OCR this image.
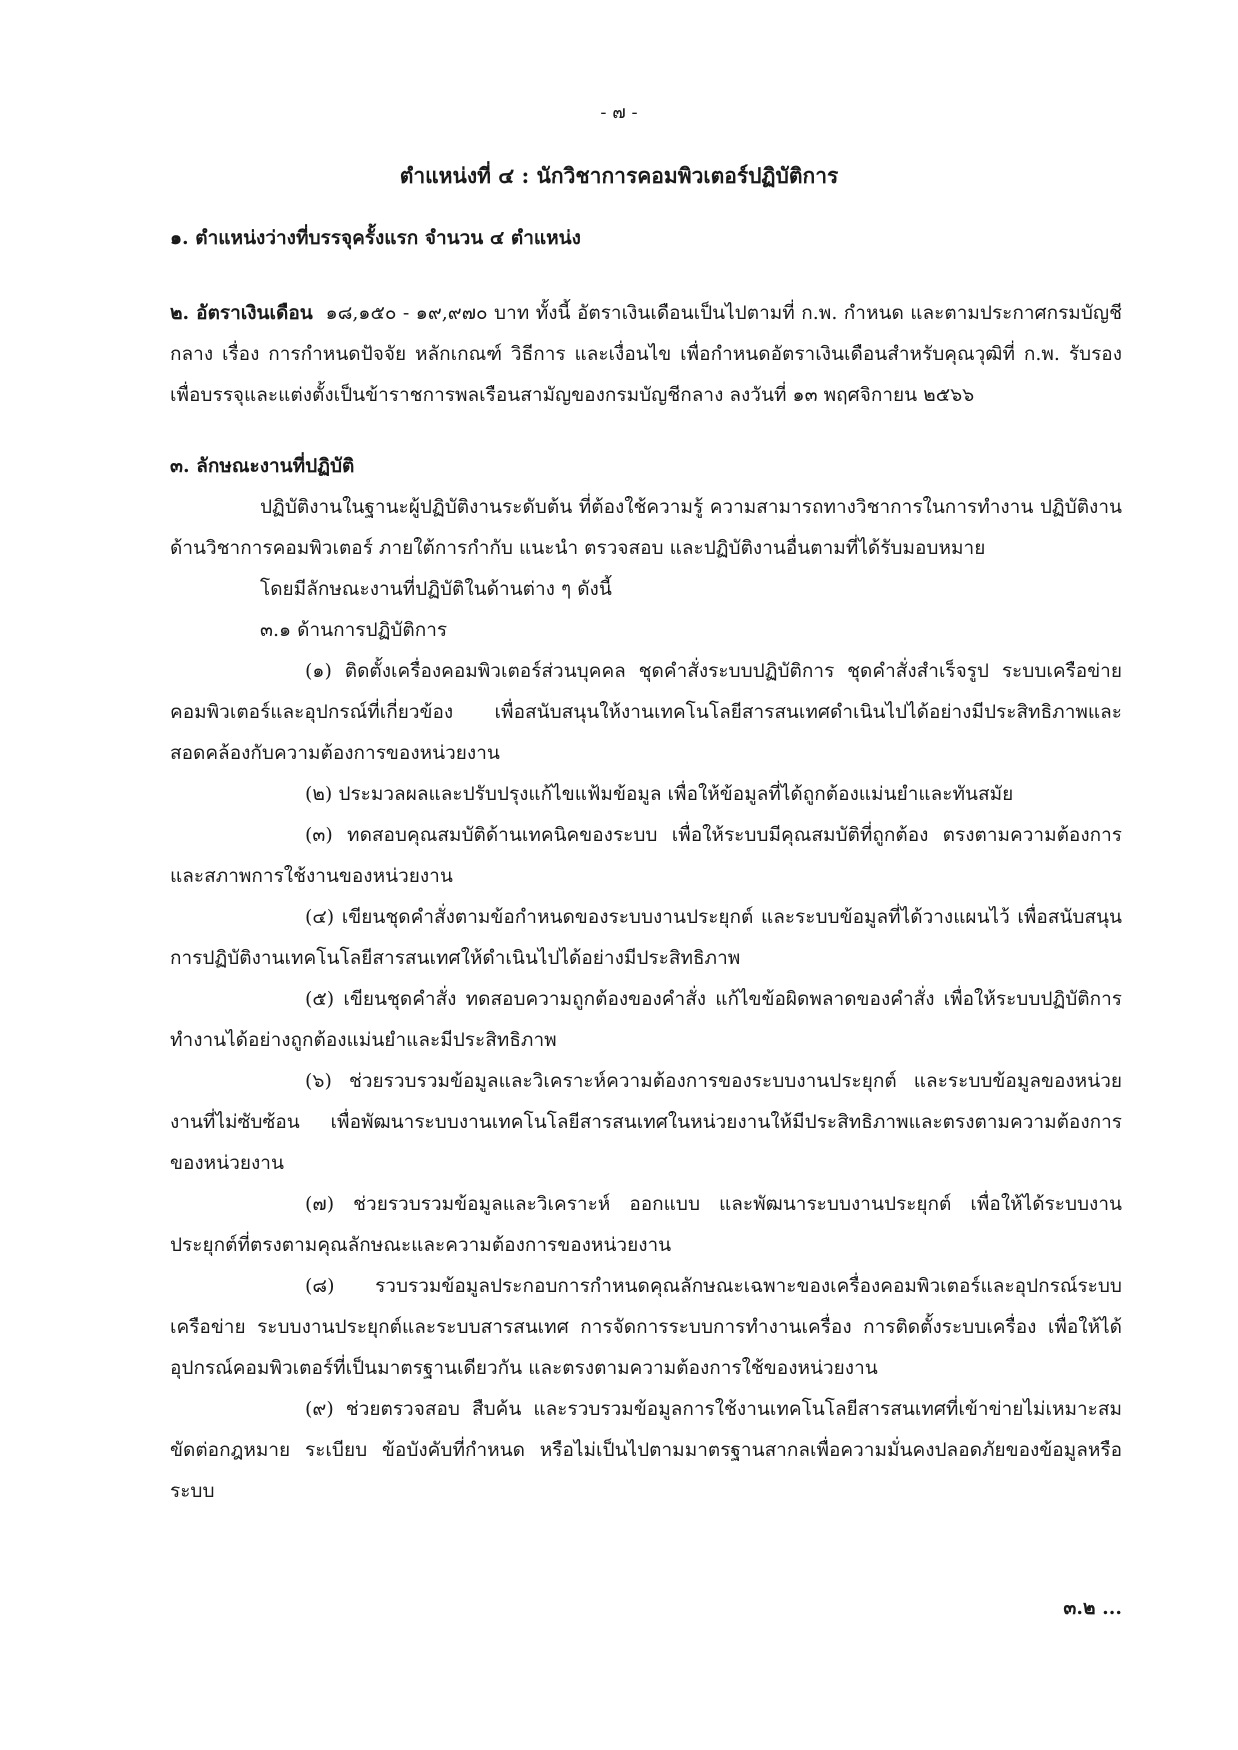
- ๗ -
ตำแหน่งที่ ๔ : นักวิชาการคอมพิวเตอร์ปฏิบัติการ

๑. ตำแหน่งว่างที่บรรจุครั้งแรก จำนวน ๔ ตำแหน่ง

๒. อัตราเงินเดือน ๑๘,๑๕๐ - ๑๙,๙๗๐ บาท ทั้งนี้ อัตราเงินเดือนเป็นไปตามที่ ก.พ. กำหนด และตามประกาศกรมบัญชีกลาง เรื่อง การกำหนดปัจจัย หลักเกณฑ์ วิธีการ และเงื่อนไข เพื่อกำหนดอัตราเงินเดือนสำหรับคุณวุฒิที่ ก.พ. รับรอง เพื่อบรรจุและแต่งตั้งเป็นข้าราชการพลเรือนสามัญของกรมบัญชีกลาง ลงวันที่ ๑๓ พฤศจิกายน ๒๕๖๖

๓. ลักษณะงานที่ปฏิบัติ

ปฏิบัติงานในฐานะผู้ปฏิบัติงานระดับต้น ที่ต้องใช้ความรู้ ความสามารถทางวิชาการในการทำงาน ปฏิบัติงานด้านวิชาการคอมพิวเตอร์ ภายใต้การกำกับ แนะนำ ตรวจสอบ และปฏิบัติงานอื่นตามที่ได้รับมอบหมาย

โดยมีลักษณะงานที่ปฏิบัติในด้านต่าง ๆ ดังนี้

๓.๑ ด้านการปฏิบัติการ

(๑) ติดตั้งเครื่องคอมพิวเตอร์ส่วนบุคคล ชุดคำสั่งระบบปฏิบัติการ ชุดคำสั่งสำเร็จรูป ระบบเครือข่ายคอมพิวเตอร์และอุปกรณ์ที่เกี่ยวข้อง เพื่อสนับสนุนให้งานเทคโนโลยีสารสนเทศดำเนินไปได้อย่างมีประสิทธิภาพและสอดคล้องกับความต้องการของหน่วยงาน

(๒) ประมวลผลและปรับปรุงแก้ไขแฟ้มข้อมูล เพื่อให้ข้อมูลที่ได้ถูกต้องแม่นยำและทันสมัย

(๓) ทดสอบคุณสมบัติด้านเทคนิคของระบบ เพื่อให้ระบบมีคุณสมบัติที่ถูกต้อง ตรงตามความต้องการและสภาพการใช้งานของหน่วยงาน

(๔) เขียนชุดคำสั่งตามข้อกำหนดของระบบงานประยุกต์ และระบบข้อมูลที่ได้วางแผนไว้ เพื่อสนับสนุนการปฏิบัติงานเทคโนโลยีสารสนเทศให้ดำเนินไปได้อย่างมีประสิทธิภาพ

(๕) เขียนชุดคำสั่ง ทดสอบความถูกต้องของคำสั่ง แก้ไขข้อผิดพลาดของคำสั่ง เพื่อให้ระบบปฏิบัติการทำงานได้อย่างถูกต้องแม่นยำและมีประสิทธิภาพ

(๖) ช่วยรวบรวมข้อมูลและวิเคราะห์ความต้องการของระบบงานประยุกต์ และระบบข้อมูลของหน่วยงานที่ไม่ซับซ้อน เพื่อพัฒนาระบบงานเทคโนโลยีสารสนเทศในหน่วยงานให้มีประสิทธิภาพและตรงตามความต้องการของหน่วยงาน

(๗) ช่วยรวบรวมข้อมูลและวิเคราะห์ ออกแบบ และพัฒนาระบบงานประยุกต์ เพื่อให้ได้ระบบงานประยุกต์ที่ตรงตามคุณลักษณะและความต้องการของหน่วยงาน

(๘) รวบรวมข้อมูลประกอบการกำหนดคุณลักษณะเฉพาะของเครื่องคอมพิวเตอร์และอุปกรณ์ระบบเครือข่าย ระบบงานประยุกต์และระบบสารสนเทศ การจัดการระบบการทำงานเครื่อง การติดตั้งระบบเครื่อง เพื่อให้ได้อุปกรณ์คอมพิวเตอร์ที่เป็นมาตรฐานเดียวกัน และตรงตามความต้องการใช้ของหน่วยงาน

(๙) ช่วยตรวจสอบ สืบค้น และรวบรวมข้อมูลการใช้งานเทคโนโลยีสารสนเทศที่เข้าข่ายไม่เหมาะสม ขัดต่อกฎหมาย ระเบียบ ข้อบังคับที่กำหนด หรือไม่เป็นไปตามมาตรฐานสากลเพื่อความมั่นคงปลอดภัยของข้อมูลหรือระบบ

๓.๒ ...
